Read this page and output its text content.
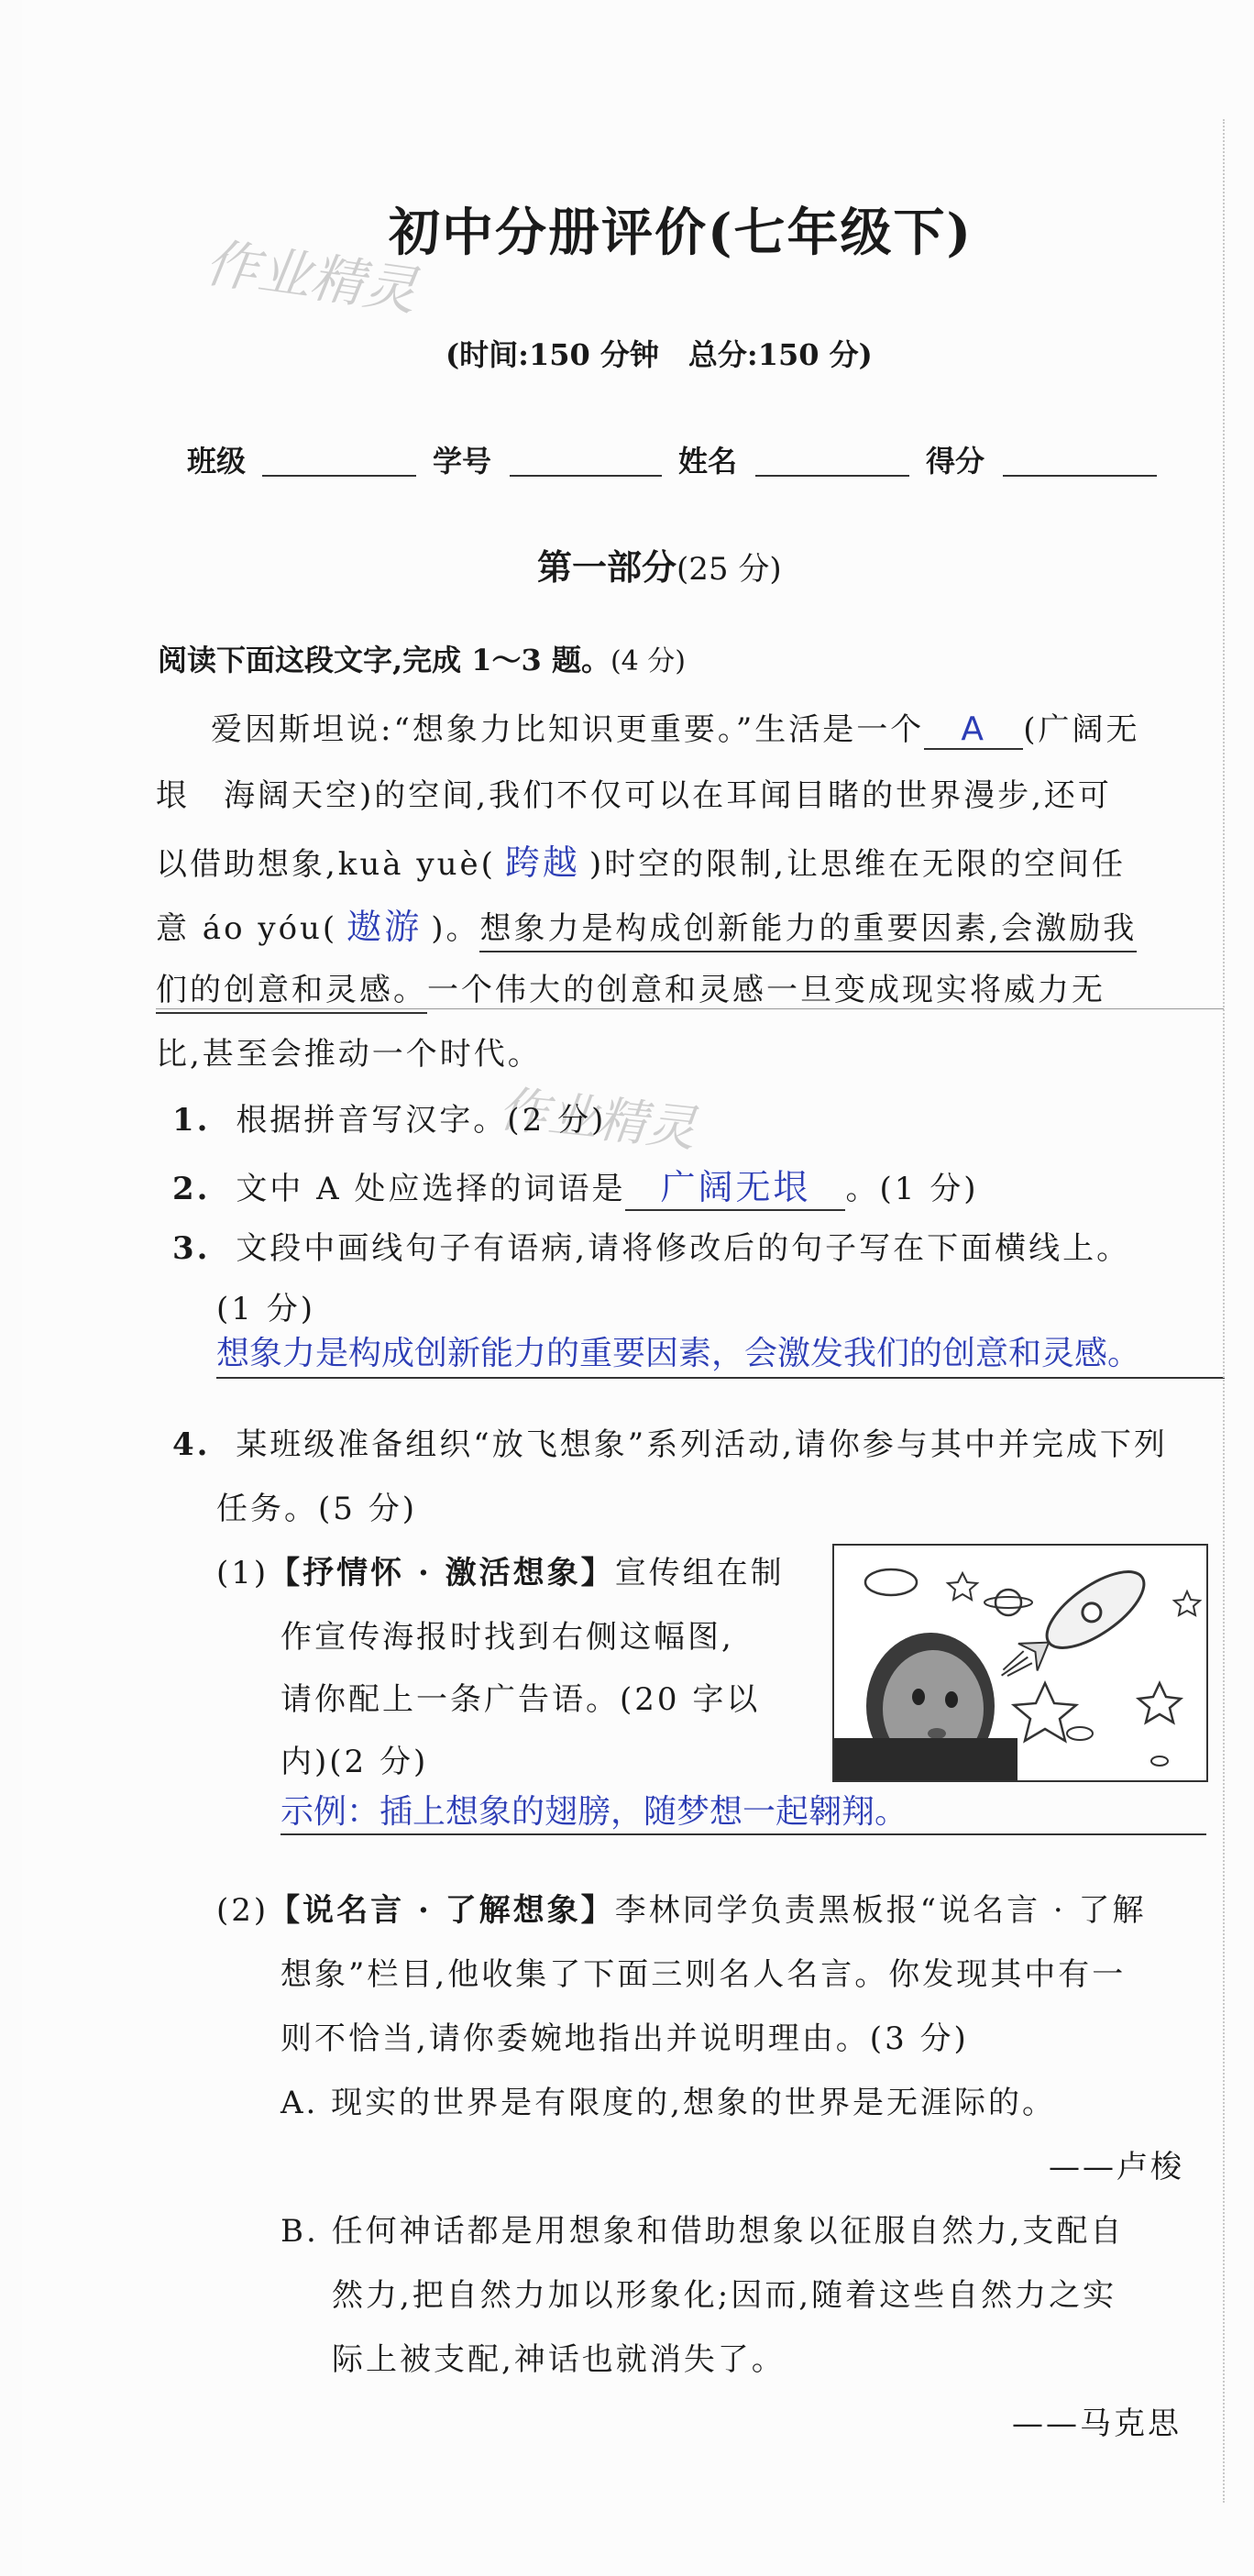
作业精灵
作业精灵
初中分册评价(七年级下)
(时间:150 分钟　总分:150 分)
班级	学号	姓名	得分
第一部分(25 分)
阅读下面这段文字,完成 1～3 题。(4 分)
爱因斯坦说:“想象力比知识更重要。”生活是一个 A (广阔无
垠　海阔天空)的空间,我们不仅可以在耳闻目睹的世界漫步,还可
以借助想象,kuà yuè( 跨越 )时空的限制,让思维在无限的空间任
意 áo yóu( 遨游 )。想象力是构成创新能力的重要因素,会激励我
们的创意和灵感。一个伟大的创意和灵感一旦变成现实将威力无
比,甚至会推动一个时代。
1. 根据拼音写汉字。(2 分)
2. 文中 A 处应选择的词语是 广阔无垠 。(1 分)
3. 文段中画线句子有语病,请将修改后的句子写在下面横线上。
(1 分)
想象力是构成创新能力的重要因素，会激发我们的创意和灵感。
4. 某班级准备组织“放飞想象”系列活动,请你参与其中并完成下列
任务。(5 分)
(1)【抒情怀 · 激活想象】宣传组在制
作宣传海报时找到右侧这幅图,
请你配上一条广告语。(20 字以
内)(2 分)
示例：插上想象的翅膀，随梦想一起翱翔。
(2)【说名言 · 了解想象】李林同学负责黑板报“说名言 · 了解
想象”栏目,他收集了下面三则名人名言。你发现其中有一
则不恰当,请你委婉地指出并说明理由。(3 分)
A. 现实的世界是有限度的,想象的世界是无涯际的。
——卢梭
B. 任何神话都是用想象和借助想象以征服自然力,支配自
然力,把自然力加以形象化;因而,随着这些自然力之实
际上被支配,神话也就消失了。
——马克思
